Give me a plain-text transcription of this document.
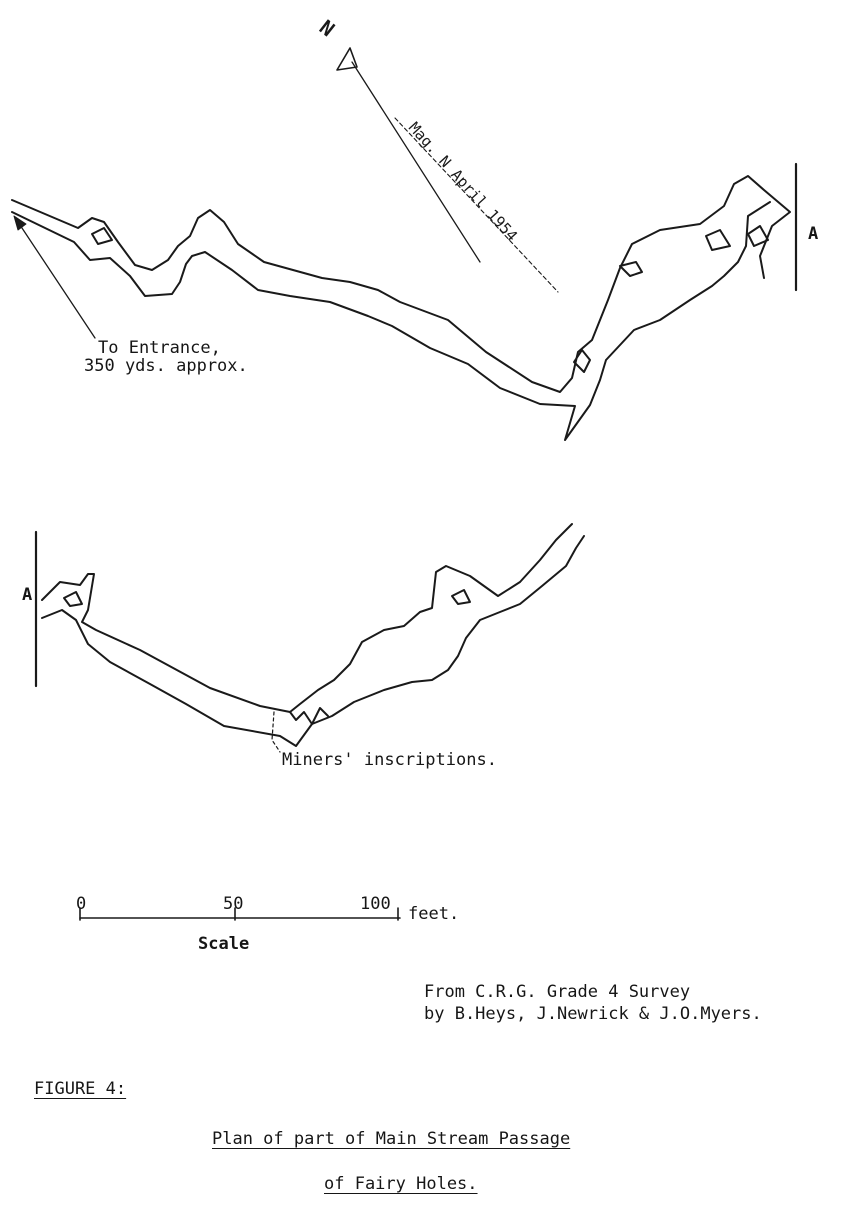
N
Mag. N April 1954
To Entrance,
350 yds. approx.
A
A
Miners' inscriptions.
0	50	100 feet.
Scale
From C.R.G. Grade 4 Survey
by B.Heys, J.Newrick & J.O.Myers.
FIGURE 4:
Plan of part of Main Stream Passage
of Fairy Holes.
